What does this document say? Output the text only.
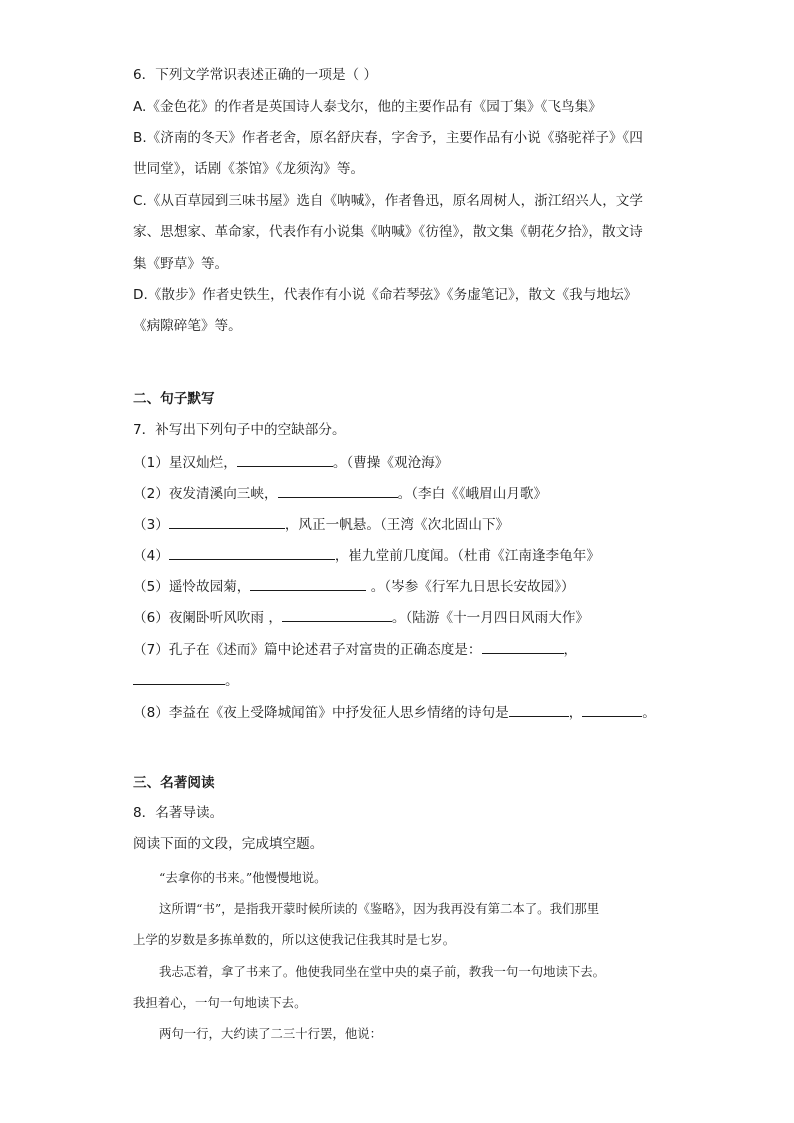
6．下列文学常识表述正确的一项是（ ）
A.《金色花》的作者是英国诗人泰戈尔，他的主要作品有《园丁集》《飞鸟集》
B.《济南的冬天》作者老舍，原名舒庆春，字舍予，主要作品有小说《骆驼祥子》《四
世同堂》，话剧《茶馆》《龙须沟》等。
C.《从百草园到三味书屋》选自《呐喊》，作者鲁迅，原名周树人，浙江绍兴人，文学
家、思想家、革命家，代表作有小说集《呐喊》《彷徨》，散文集《朝花夕拾》，散文诗
集《野草》等。
D.《散步》作者史铁生，代表作有小说《命若琴弦》《务虚笔记》，散文《我与地坛》
《病隙碎笔》等。
二、句子默写
7．补写出下列句子中的空缺部分。
（1）星汉灿烂，	。（曹操《观沧海》
（2）夜发清溪向三峡，	。（李白《《峨眉山月歌》
（3）	，风正一帆悬。（王湾《次北固山下》
（4）	，崔九堂前几度闻。（杜甫《江南逢李龟年》
（5）遥怜故园菊，	。（岑参《行军九日思长安故园》）
（6）夜阑卧听风吹雨 ，	。（陆游《十一月四日风雨大作》
（7）孔子在《述而》篇中论述君子对富贵的正确态度是：	，
。
（8）李益在《夜上受降城闻笛》中抒发征人思乡情绪的诗句是	，	。
三、名著阅读
8．名著导读。
阅读下面的文段，完成填空题。
“去拿你的书来。”他慢慢地说。
这所谓“书”，是指我开蒙时候所读的《鉴略》，因为我再没有第二本了。我们那里
上学的岁数是多拣单数的，所以这使我记住我其时是七岁。
我忐忑着，拿了书来了。他使我同坐在堂中央的桌子前，教我一句一句地读下去。
我担着心，一句一句地读下去。
两句一行，大约读了二三十行罢，他说：
